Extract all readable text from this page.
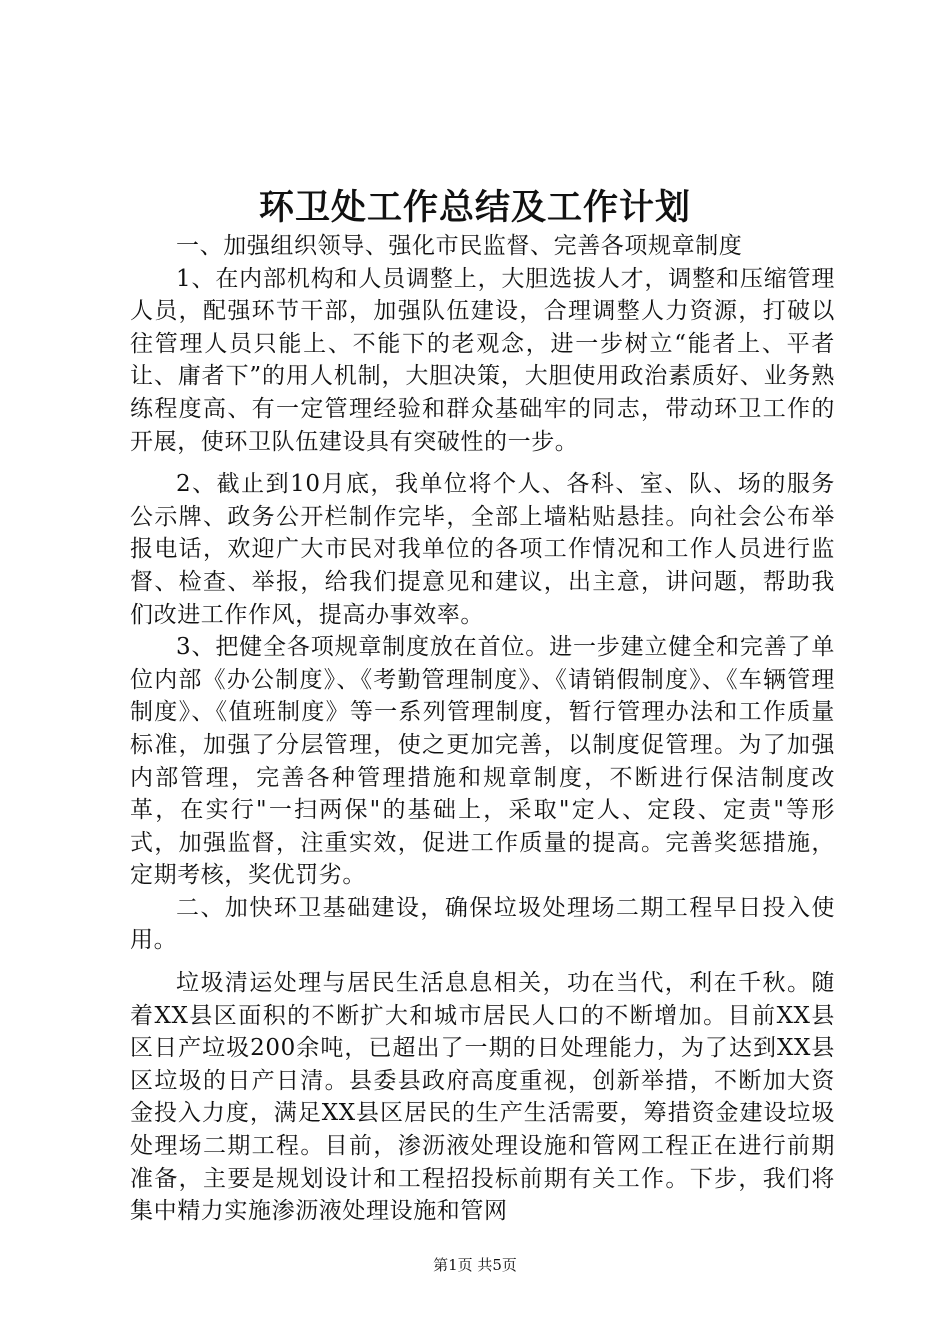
环卫处工作总结及工作计划

一、加强组织领导、强化市民监督、完善各项规章制度

1、在内部机构和人员调整上，大胆选拔人才，调整和压缩管理人员，配强环节干部，加强队伍建设，合理调整人力资源，打破以往管理人员只能上、不能下的老观念，进一步树立“能者上、平者让、庸者下”的用人机制，大胆决策，大胆使用政治素质好、业务熟练程度高、有一定管理经验和群众基础牢的同志，带动环卫工作的开展，使环卫队伍建设具有突破性的一步。

2、截止到10月底，我单位将个人、各科、室、队、场的服务公示牌、政务公开栏制作完毕，全部上墙粘贴悬挂。向社会公布举报电话，欢迎广大市民对我单位的各项工作情况和工作人员进行监督、检查、举报，给我们提意见和建议，出主意，讲问题，帮助我们改进工作作风，提高办事效率。

3、把健全各项规章制度放在首位。进一步建立健全和完善了单位内部《办公制度》、《考勤管理制度》、《请销假制度》、《车辆管理制度》、《值班制度》等一系列管理制度，暂行管理办法和工作质量标准，加强了分层管理，使之更加完善，以制度促管理。为了加强内部管理，完善各种管理措施和规章制度，不断进行保洁制度改革，在实行"一扫两保"的基础上，采取"定人、定段、定责"等形式，加强监督，注重实效，促进工作质量的提高。完善奖惩措施，定期考核，奖优罚劣。

二、加快环卫基础建设，确保垃圾处理场二期工程早日投入使用。

垃圾清运处理与居民生活息息相关，功在当代，利在千秋。随着XX县区面积的不断扩大和城市居民人口的不断增加。目前XX县区日产垃圾200余吨，已超出了一期的日处理能力，为了达到XX县区垃圾的日产日清。县委县政府高度重视，创新举措，不断加大资金投入力度，满足XX县区居民的生产生活需要，筹措资金建设垃圾处理场二期工程。目前，渗沥液处理设施和管网工程正在进行前期准备，主要是规划设计和工程招投标前期有关工作。下步，我们将集中精力实施渗沥液处理设施和管网

第1页 共5页
